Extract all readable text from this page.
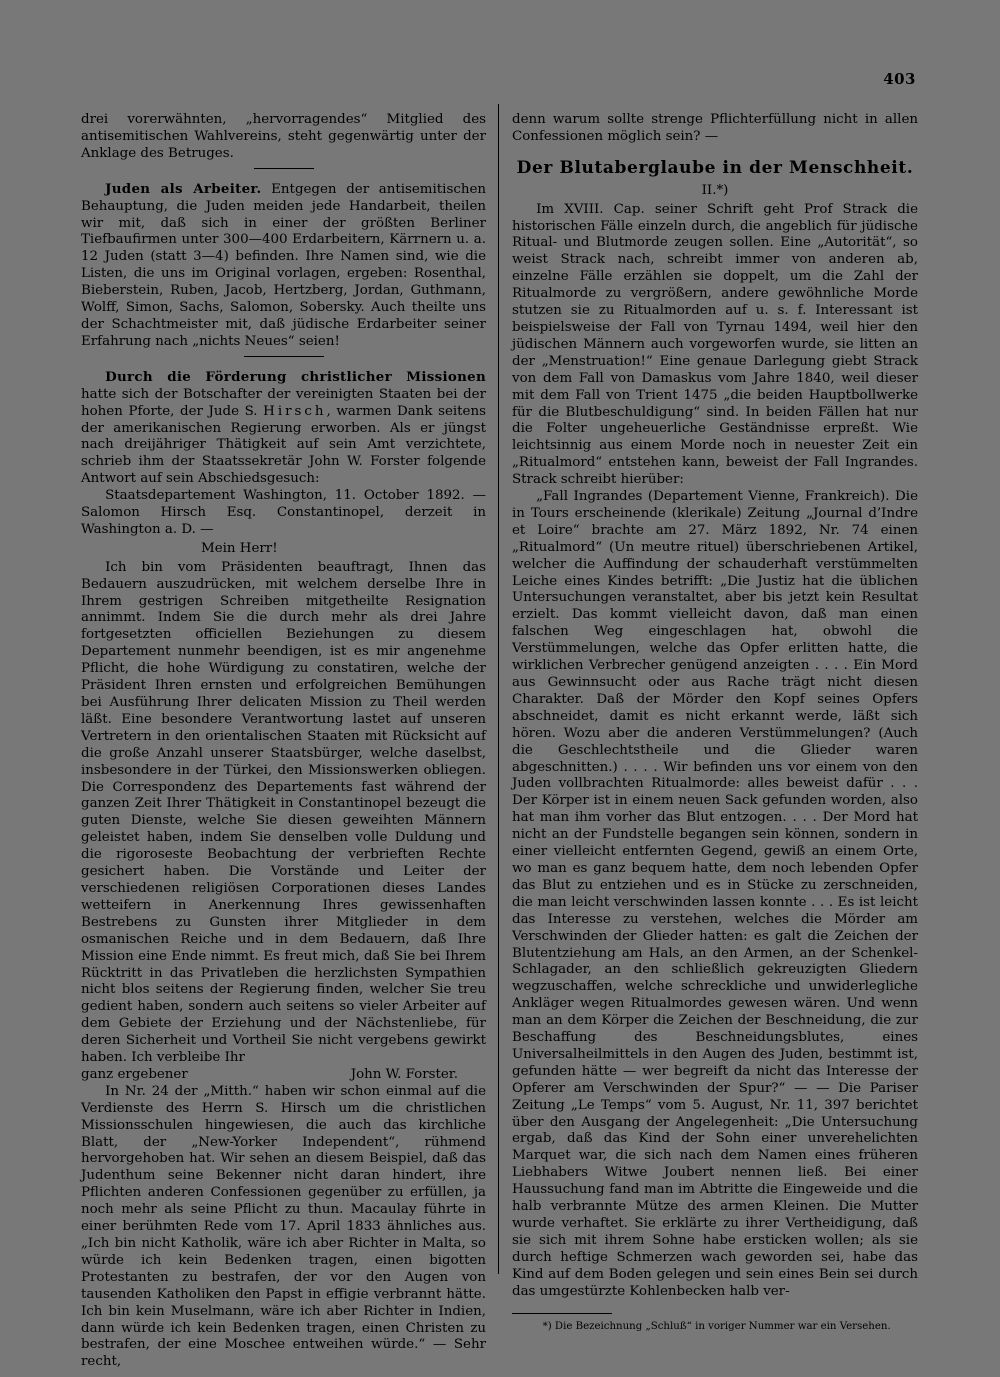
403

drei vorerwähnten, „hervorragendes“ Mitglied des antisemitischen Wahlvereins, steht gegenwärtig unter der Anklage des Betruges.

Juden als Arbeiter. Entgegen der antisemitischen Behauptung, die Juden meiden jede Handarbeit, theilen wir mit, daß sich in einer der größten Berliner Tiefbaufirmen unter 300—400 Erdarbeitern, Kärrnern u. a. 12 Juden (statt 3—4) befinden. Ihre Namen sind, wie die Listen, die uns im Original vorlagen, ergeben: Rosenthal, Bieberstein, Ruben, Jacob, Hertzberg, Jordan, Guthmann, Wolff, Simon, Sachs, Salomon, Sobersky. Auch theilte uns der Schachtmeister mit, daß jüdische Erdarbeiter seiner Erfahrung nach „nichts Neues“ seien!

Durch die Förderung christlicher Missionen hatte sich der Botschafter der vereinigten Staaten bei der hohen Pforte, der Jude S. Hirsch, warmen Dank seitens der amerikanischen Regierung erworben. Als er jüngst nach dreijähriger Thätigkeit auf sein Amt verzichtete, schrieb ihm der Staatssekretär John W. Forster folgende Antwort auf sein Abschiedsgesuch:

Staatsdepartement Washington, 11. October 1892. — Salomon Hirsch Esq. Constantinopel, derzeit in Washington a. D. —

Mein Herr!

Ich bin vom Präsidenten beauftragt, Ihnen das Bedauern auszudrücken, mit welchem derselbe Ihre in Ihrem gestrigen Schreiben mitgetheilte Resignation annimmt. Indem Sie die durch mehr als drei Jahre fortgesetzten officiellen Beziehungen zu diesem Departement nunmehr beendigen, ist es mir angenehme Pflicht, die hohe Würdigung zu constatiren, welche der Präsident Ihren ernsten und erfolgreichen Bemühungen bei Ausführung Ihrer delicaten Mission zu Theil werden läßt. Eine besondere Verantwortung lastet auf unseren Vertretern in den orientalischen Staaten mit Rücksicht auf die große Anzahl unserer Staatsbürger, welche daselbst, insbesondere in der Türkei, den Missionswerken obliegen. Die Correspondenz des Departements fast während der ganzen Zeit Ihrer Thätigkeit in Constantinopel bezeugt die guten Dienste, welche Sie diesen geweihten Männern geleistet haben, indem Sie denselben volle Duldung und die rigoroseste Beobachtung der verbrieften Rechte gesichert haben. Die Vorstände und Leiter der verschiedenen religiösen Corporationen dieses Landes wetteifern in Anerkennung Ihres gewissenhaften Bestrebens zu Gunsten ihrer Mitglieder in dem osmanischen Reiche und in dem Bedauern, daß Ihre Mission eine Ende nimmt. Es freut mich, daß Sie bei Ihrem Rücktritt in das Privatleben die herzlichsten Sympathien nicht blos seitens der Regierung finden, welcher Sie treu gedient haben, sondern auch seitens so vieler Arbeiter auf dem Gebiete der Erziehung und der Nächstenliebe, für deren Sicherheit und Vortheil Sie nicht vergebens gewirkt haben. Ich verbleibe Ihr

ganz ergebener	John W. Forster.

In Nr. 24 der „Mitth.“ haben wir schon einmal auf die Verdienste des Herrn S. Hirsch um die christlichen Missionsschulen hingewiesen, die auch das kirchliche Blatt, der „New-Yorker Independent“, rühmend hervorgehoben hat. Wir sehen an diesem Beispiel, daß das Judenthum seine Bekenner nicht daran hindert, ihre Pflichten anderen Confessionen gegenüber zu erfüllen, ja noch mehr als seine Pflicht zu thun. Macaulay führte in einer berühmten Rede vom 17. April 1833 ähnliches aus. „Ich bin nicht Katholik, wäre ich aber Richter in Malta, so würde ich kein Bedenken tragen, einen bigotten Protestanten zu bestrafen, der vor den Augen von tausenden Katholiken den Papst in effigie verbrannt hätte. Ich bin kein Muselmann, wäre ich aber Richter in Indien, dann würde ich kein Bedenken tragen, einen Christen zu bestrafen, der eine Moschee entweihen würde.“ — Sehr recht,

denn warum sollte strenge Pflichterfüllung nicht in allen Confessionen möglich sein? —

Der Blutaberglaube in der Menschheit.
II.*)

Im XVIII. Cap. seiner Schrift geht Prof Strack die historischen Fälle einzeln durch, die angeblich für jüdische Ritual- und Blutmorde zeugen sollen. Eine „Autorität“, so weist Strack nach, schreibt immer von anderen ab, einzelne Fälle erzählen sie doppelt, um die Zahl der Ritualmorde zu vergrößern, andere gewöhnliche Morde stutzen sie zu Ritualmorden auf u. s. f. Interessant ist beispielsweise der Fall von Tyrnau 1494, weil hier den jüdischen Männern auch vorgeworfen wurde, sie litten an der „Menstruation!“ Eine genaue Darlegung giebt Strack von dem Fall von Damaskus vom Jahre 1840, weil dieser mit dem Fall von Trient 1475 „die beiden Hauptbollwerke für die Blutbeschuldigung“ sind. In beiden Fällen hat nur die Folter ungeheuerliche Geständnisse erpreßt. Wie leichtsinnig aus einem Morde noch in neuester Zeit ein „Ritualmord“ entstehen kann, beweist der Fall Ingrandes. Strack schreibt hierüber:

„Fall Ingrandes (Departement Vienne, Frankreich). Die in Tours erscheinende (klerikale) Zeitung „Journal d’Indre et Loire“ brachte am 27. März 1892, Nr. 74 einen „Ritualmord“ (Un meutre rituel) überschriebenen Artikel, welcher die Auffindung der schauderhaft verstümmelten Leiche eines Kindes betrifft: „Die Justiz hat die üblichen Untersuchungen veranstaltet, aber bis jetzt kein Resultat erzielt. Das kommt vielleicht davon, daß man einen falschen Weg eingeschlagen hat, obwohl die Verstümmelungen, welche das Opfer erlitten hatte, die wirklichen Verbrecher genügend anzeigten . . . . Ein Mord aus Gewinnsucht oder aus Rache trägt nicht diesen Charakter. Daß der Mörder den Kopf seines Opfers abschneidet, damit es nicht erkannt werde, läßt sich hören. Wozu aber die anderen Verstümmelungen? (Auch die Geschlechtstheile und die Glieder waren abgeschnitten.) . . . . Wir befinden uns vor einem von den Juden vollbrachten Ritualmorde: alles beweist dafür . . . Der Körper ist in einem neuen Sack gefunden worden, also hat man ihm vorher das Blut entzogen. . . . Der Mord hat nicht an der Fundstelle begangen sein können, sondern in einer vielleicht entfernten Gegend, gewiß an einem Orte, wo man es ganz bequem hatte, dem noch lebenden Opfer das Blut zu entziehen und es in Stücke zu zerschneiden, die man leicht verschwinden lassen konnte . . . Es ist leicht das Interesse zu verstehen, welches die Mörder am Verschwinden der Glieder hatten: es galt die Zeichen der Blutentziehung am Hals, an den Armen, an der Schenkel-Schlagader, an den schließlich gekreuzigten Gliedern wegzuschaffen, welche schreckliche und unwiderlegliche Ankläger wegen Ritualmordes gewesen wären. Und wenn man an dem Körper die Zeichen der Beschneidung, die zur Beschaffung des Beschneidungsblutes, eines Universalheilmittels in den Augen des Juden, bestimmt ist, gefunden hätte — wer begreift da nicht das Interesse der Opferer am Verschwinden der Spur?“ — — Die Pariser Zeitung „Le Temps“ vom 5. August, Nr. 11, 397 berichtet über den Ausgang der Angelegenheit: „Die Untersuchung ergab, daß das Kind der Sohn einer unverehelichten Marquet war, die sich nach dem Namen eines früheren Liebhabers Witwe Joubert nennen ließ. Bei einer Haussuchung fand man im Abtritte die Eingeweide und die halb verbrannte Mütze des armen Kleinen. Die Mutter wurde verhaftet. Sie erklärte zu ihrer Vertheidigung, daß sie sich mit ihrem Sohne habe ersticken wollen; als sie durch heftige Schmerzen wach geworden sei, habe das Kind auf dem Boden gelegen und sein eines Bein sei durch das umgestürzte Kohlenbecken halb ver-

*) Die Bezeichnung „Schluß“ in voriger Nummer war ein Versehen.
